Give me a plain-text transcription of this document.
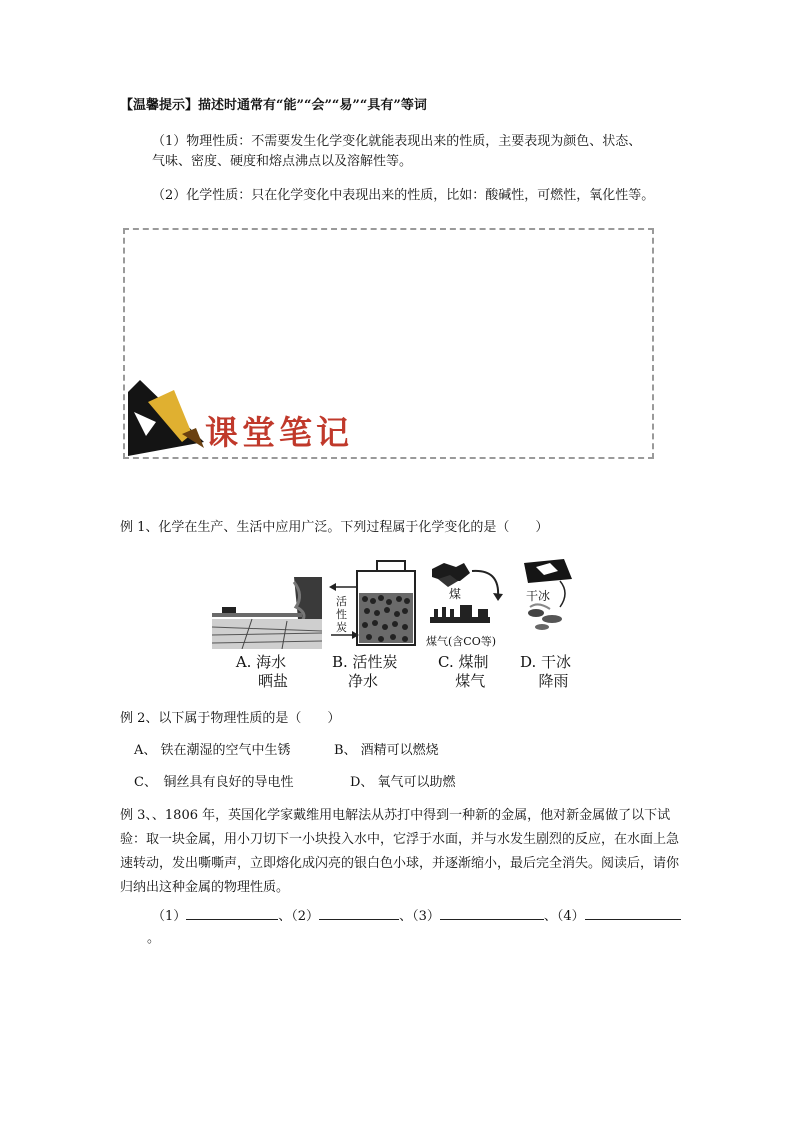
【温馨提示】描述时通常有“能”“会”“易”“具有”等词
（1）物理性质：不需要发生化学变化就能表现出来的性质，主要表现为颜色、状态、
气味、密度、硬度和熔点沸点以及溶解性等。
（2）化学性质：只在化学变化中表现出来的性质，比如：酸碱性，可燃性，氧化性等。
课堂笔记
例 1、化学在生产、生活中应用广泛。下列过程属于化学变化的是（　　）
A. 海水
晒盐
活
性
炭
B. 活性炭
净水
煤
煤气(含CO等)
C. 煤制
煤气
干冰
D. 干冰
降雨
例 2、以下属于物理性质的是（　　）
A、 铁在潮湿的空气中生锈	B、 酒精可以燃烧
C、　铜丝具有良好的导电性	D、 氧气可以助燃
例 3、、1806 年，英国化学家戴维用电解法从苏打中得到一种新的金属，他对新金属做了以下试验：取一块金属，用小刀切下一小块投入水中，它浮于水面，并与水发生剧烈的反应，在水面上急速转动，发出嘶嘶声，立即熔化成闪亮的银白色小球，并逐渐缩小，最后完全消失。阅读后，请你归纳出这种金属的物理性质。
（1）	、（2）	、（3）	、（4）
。
